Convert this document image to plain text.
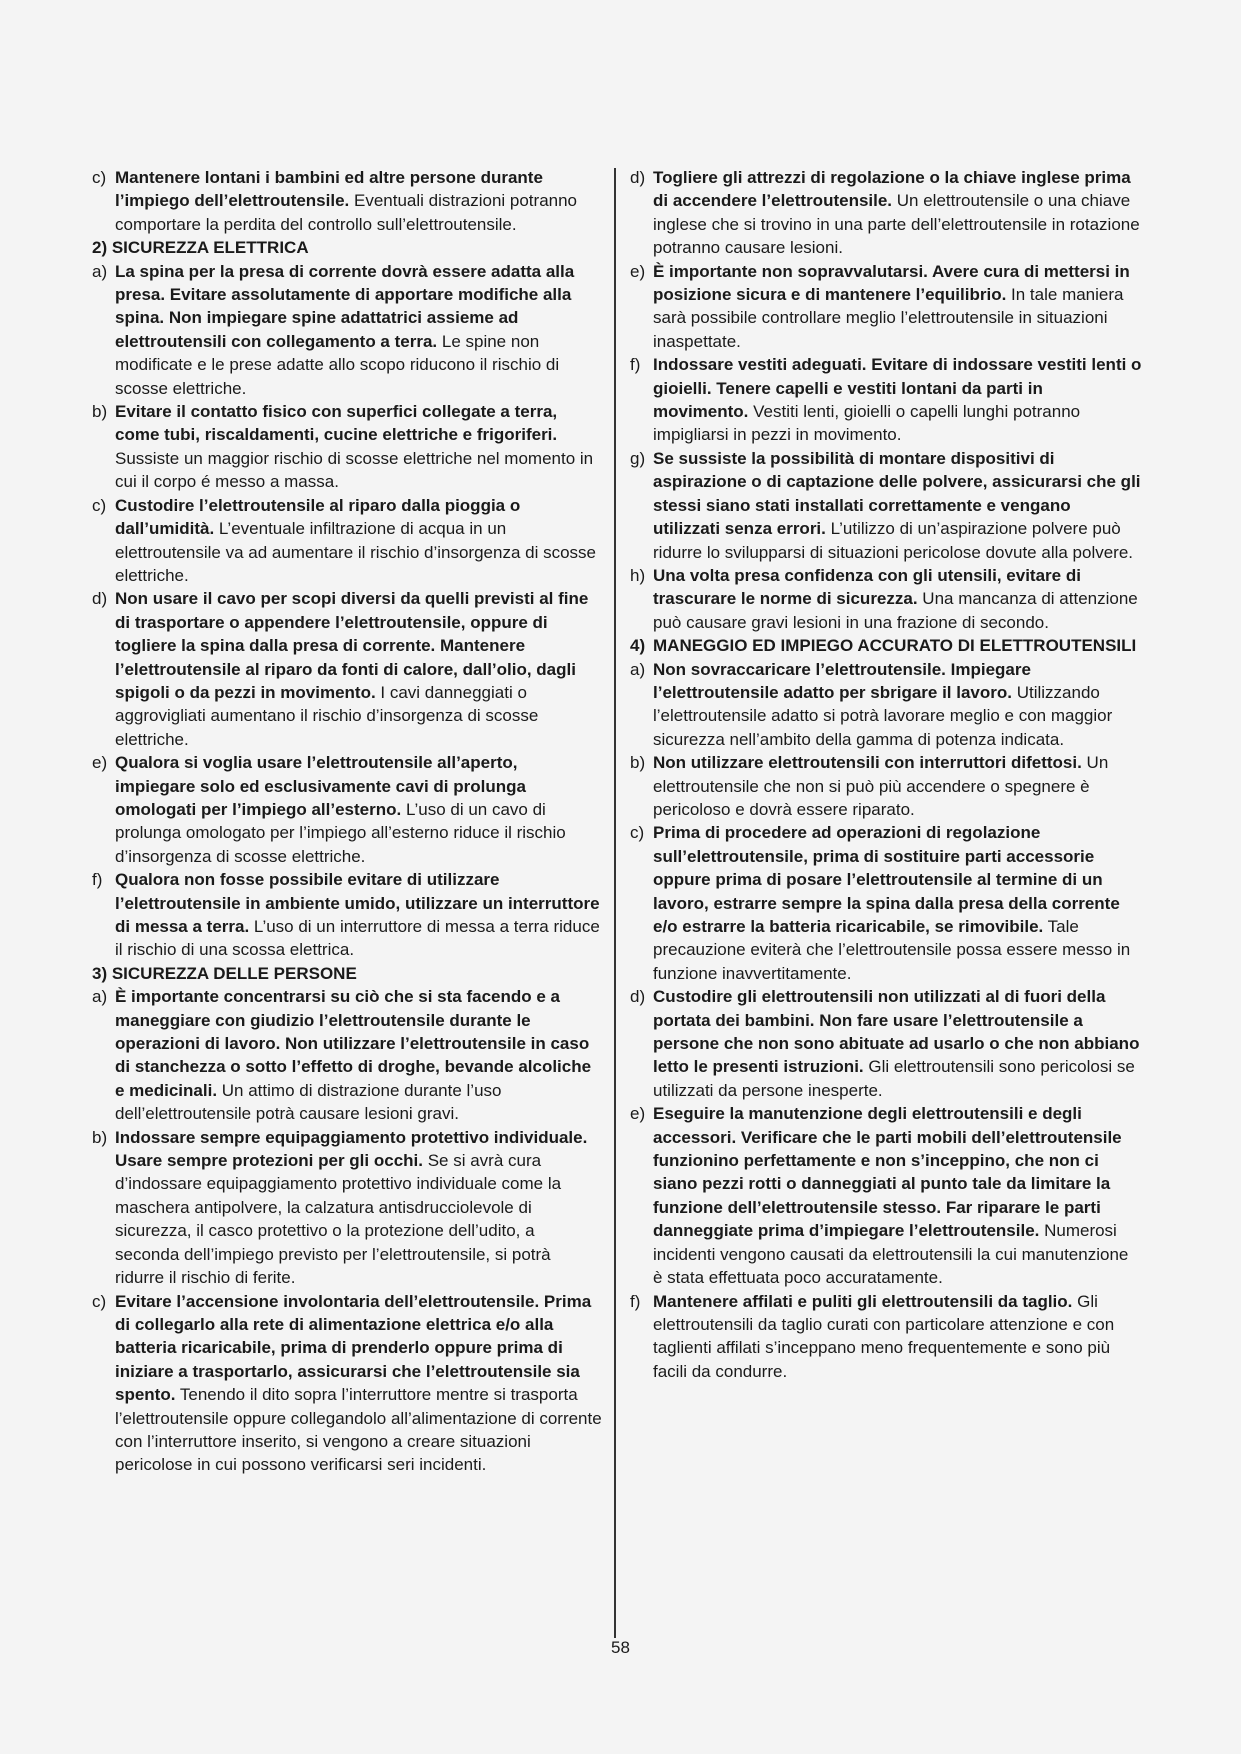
c) Mantenere lontani i bambini ed altre persone durante l’impiego dell’elettroutensile. Eventuali distrazioni potranno comportare la perdita del controllo sull’elettroutensile.
2) SICUREZZA ELETTRICA
a) La spina per la presa di corrente dovrà essere adatta alla presa. Evitare assolutamente di apportare modifiche alla spina. Non impiegare spine adattatrici assieme ad elettroutensili con collegamento a terra. Le spine non modificate e le prese adatte allo scopo riducono il rischio di scosse elettriche.
b) Evitare il contatto fisico con superfici collegate a terra, come tubi, riscaldamenti, cucine elettriche e frigoriferi. Sussiste un maggior rischio di scosse elettriche nel momento in cui il corpo é messo a massa.
c) Custodire l’elettroutensile al riparo dalla pioggia o dall’umidità. L’eventuale infiltrazione di acqua in un elettroutensile va ad aumentare il rischio d’insorgenza di scosse elettriche.
d) Non usare il cavo per scopi diversi da quelli previsti al fine di trasportare o appendere l’elettroutensile, oppure di togliere la spina dalla presa di corrente. Mantenere l’elettroutensile al riparo da fonti di calore, dall’olio, dagli spigoli o da pezzi in movimento. I cavi danneggiati o aggrovigliati aumentano il rischio d’insorgenza di scosse elettriche.
e) Qualora si voglia usare l’elettroutensile all’aperto, impiegare solo ed esclusivamente cavi di prolunga omologati per l’impiego all’esterno. L’uso di un cavo di prolunga omologato per l’impiego all’esterno riduce il rischio d’insorgenza di scosse elettriche.
f) Qualora non fosse possibile evitare di utilizzare l’elettroutensile in ambiente umido, utilizzare un interruttore di messa a terra. L’uso di un interruttore di messa a terra riduce il rischio di una scossa elettrica.
3) SICUREZZA DELLE PERSONE
a) È importante concentrarsi su ciò che si sta facendo e a maneggiare con giudizio l’elettroutensile durante le operazioni di lavoro. Non utilizzare l’elettroutensile in caso di stanchezza o sotto l’effetto di droghe, bevande alcoliche e medicinali. Un attimo di distrazione durante l’uso dell’elettroutensile potrà causare lesioni gravi.
b) Indossare sempre equipaggiamento protettivo individuale. Usare sempre protezioni per gli occhi. Se si avrà cura d’indossare equipaggiamento protettivo individuale come la maschera antipolvere, la calzatura antisdrucciolevole di sicurezza, il casco protettivo o la protezione dell’udito, a seconda dell’impiego previsto per l’elettroutensile, si potrà ridurre il rischio di ferite.
c) Evitare l’accensione involontaria dell’elettroutensile. Prima di collegarlo alla rete di alimentazione elettrica e/o alla batteria ricaricabile, prima di prenderlo oppure prima di iniziare a trasportarlo, assicurarsi che l’elettroutensile sia spento. Tenendo il dito sopra l’interruttore mentre si trasporta l’elettroutensile oppure collegandolo all’alimentazione di corrente con l’interruttore inserito, si vengono a creare situazioni pericolose in cui possono verificarsi seri incidenti.
d) Togliere gli attrezzi di regolazione o la chiave inglese prima di accendere l’elettroutensile. Un elettroutensile o una chiave inglese che si trovino in una parte dell’elettroutensile in rotazione potranno causare lesioni.
e) È importante non sopravvalutarsi. Avere cura di mettersi in posizione sicura e di mantenere l’equilibrio. In tale maniera sarà possibile controllare meglio l’elettroutensile in situazioni inaspettate.
f) Indossare vestiti adeguati. Evitare di indossare vestiti lenti o gioielli. Tenere capelli e vestiti lontani da parti in movimento. Vestiti lenti, gioielli o capelli lunghi potranno impigliarsi in pezzi in movimento.
g) Se sussiste la possibilità di montare dispositivi di aspirazione o di captazione delle polvere, assicurarsi che gli stessi siano stati installati correttamente e vengano utilizzati senza errori. L’utilizzo di un’aspirazione polvere può ridurre lo svilupparsi di situazioni pericolose dovute alla polvere.
h) Una volta presa confidenza con gli utensili, evitare di trascurare le norme di sicurezza. Una mancanza di attenzione può causare gravi lesioni in una frazione di secondo.
4) MANEGGIO ED IMPIEGO ACCURATO DI ELETTROUTENSILI
a) Non sovraccaricare l’elettroutensile. Impiegare l’elettroutensile adatto per sbrigare il lavoro. Utilizzando l’elettroutensile adatto si potrà lavorare meglio e con maggior sicurezza nell’ambito della gamma di potenza indicata.
b) Non utilizzare elettroutensili con interruttori difettosi. Un elettroutensile che non si può più accendere o spegnere è pericoloso e dovrà essere riparato.
c) Prima di procedere ad operazioni di regolazione sull’elettroutensile, prima di sostituire parti accessorie oppure prima di posare l’elettroutensile al termine di un lavoro, estrarre sempre la spina dalla presa della corrente e/o estrarre la batteria ricaricabile, se rimovibile. Tale precauzione eviterà che l’elettroutensile possa essere messo in funzione inavvertitamente.
d) Custodire gli elettroutensili non utilizzati al di fuori della portata dei bambini. Non fare usare l’elettroutensile a persone che non sono abituate ad usarlo o che non abbiano letto le presenti istruzioni. Gli elettroutensili sono pericolosi se utilizzati da persone inesperte.
e) Eseguire la manutenzione degli elettroutensili e degli accessori. Verificare che le parti mobili dell’elettroutensile funzionino perfettamente e non s’inceppino, che non ci siano pezzi rotti o danneggiati al punto tale da limitare la funzione dell’elettroutensile stesso. Far riparare le parti danneggiate prima d’impiegare l’elettroutensile. Numerosi incidenti vengono causati da elettroutensili la cui manutenzione è stata effettuata poco accuratamente.
f) Mantenere affilati e puliti gli elettroutensili da taglio. Gli elettroutensili da taglio curati con particolare attenzione e con taglienti affilati s’inceppano meno frequentemente e sono più facili da condurre.
58
